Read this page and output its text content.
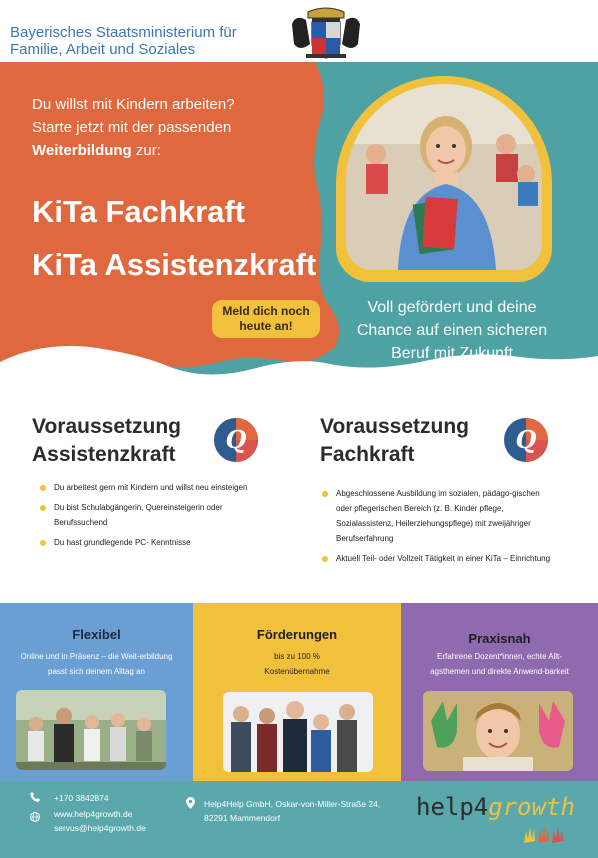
Bayerisches Staatsministerium für
Familie, Arbeit und Soziales
Du willst mit Kindern arbeiten?
Starte jetzt mit der passenden
Weiterbildung zur:
KiTa Fachkraft
KiTa Assistenzkraft
Meld dich noch
heute an!
Voll gefördert und deine
Chance auf einen sicheren
Beruf mit Zukunft
Voraussetzung
Assistenzkraft
Q
Du arbeitest gern mit Kindern und willst neu einsteigen
Du bist Schulabgängerin, Quereinsteigerin oder Berufssuchend
Du hast grundlegende PC- Kenntnisse
Voraussetzung
Fachkraft
Q
Abgeschlossene Ausbildung im sozialen, pädago-gischen oder pflegerischen Bereich (z. B. Kinder pflege, Sozialassistenz, Heilerziehungspflege) mit zweijähriger Berufserfahrung
Aktuell Teil- oder Vollzeit Tätigkeit in einer KiTa – Einrichtung
Flexibel
Online und in Präsenz – die Weit-erbildung passt sich deinem Alltag an
Förderungen
bis zu 100 % Kostenübernahme
Praxisnah
Erfahrene Dozent*innen, echte Allt-agsthemen und direkte Anwend-barkeit
+170 3842874
www.help4growth.de
servus@help4growth.de
Help4Help GmbH, Oskar-von-Miller-Straße 24,
82291 Mammendorf	help4growth
